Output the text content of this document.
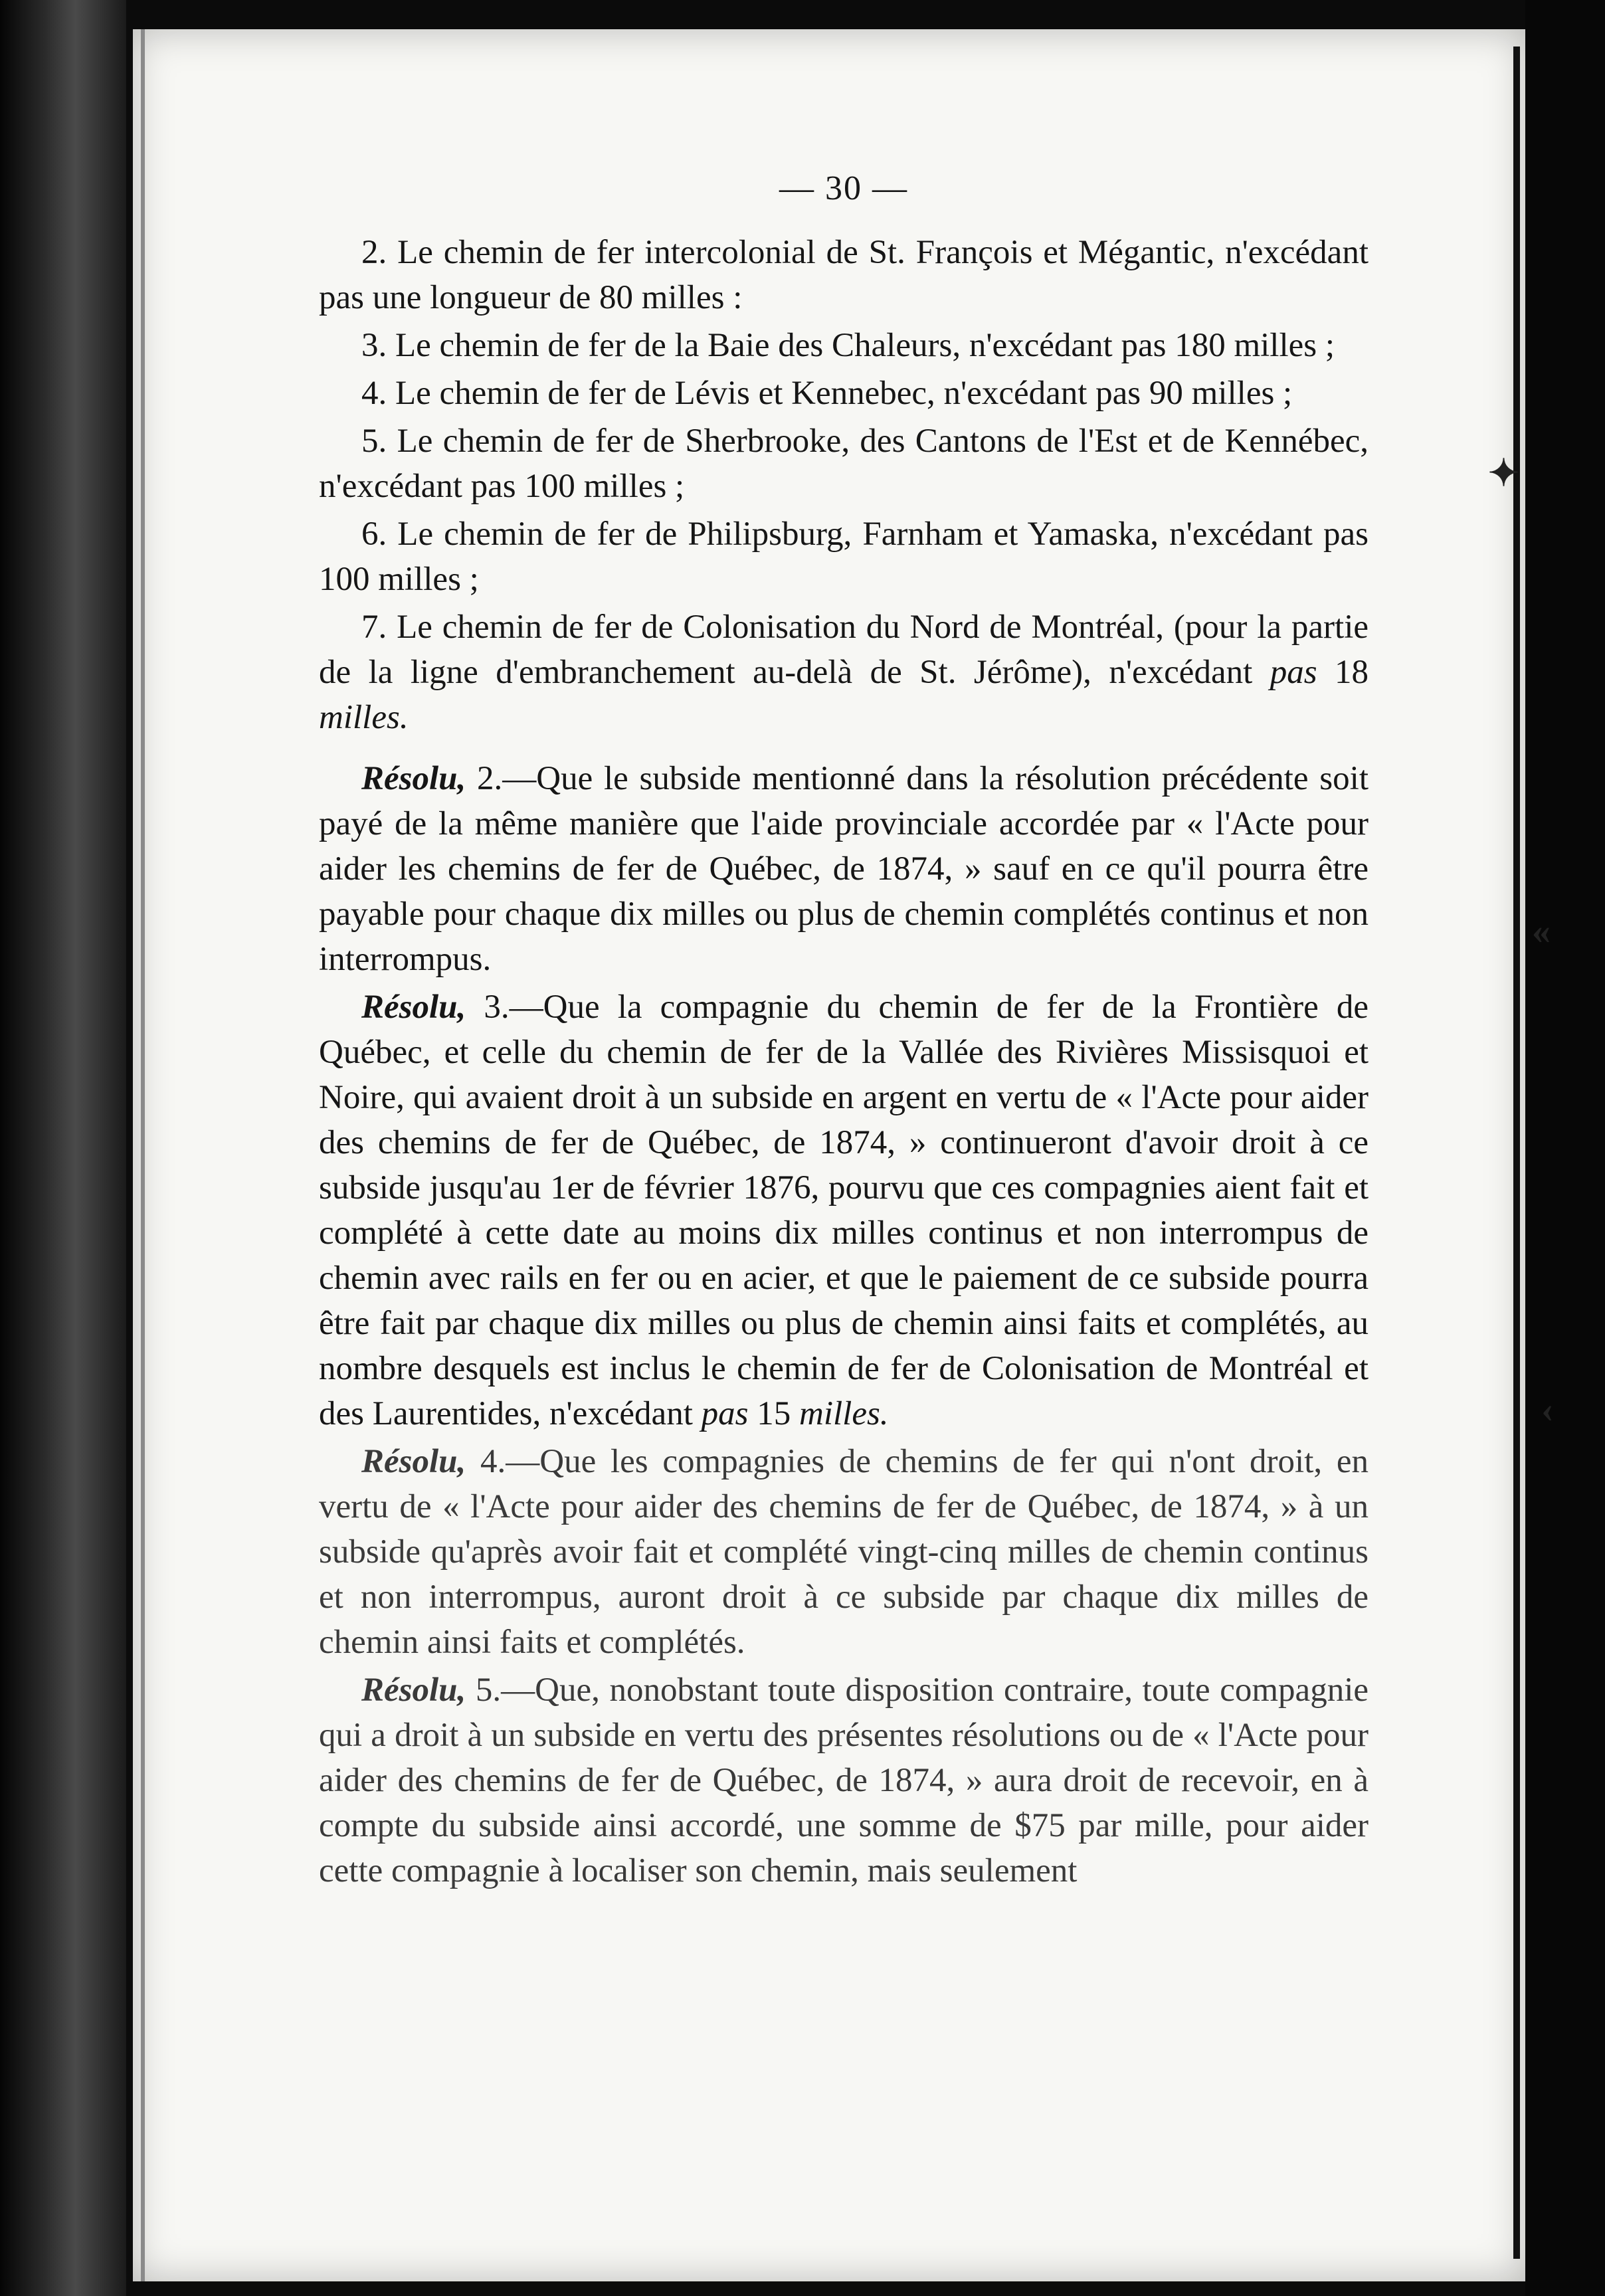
✦
«
‹
— 30 —

2. Le chemin de fer intercolonial de St. François et Mégantic, n'excédant pas une longueur de 80 milles :

3. Le chemin de fer de la Baie des Chaleurs, n'excédant pas 180 milles ;

4. Le chemin de fer de Lévis et Kennebec, n'excédant pas 90 milles ;

5. Le chemin de fer de Sherbrooke, des Cantons de l'Est et de Kennébec, n'excédant pas 100 milles ;

6. Le chemin de fer de Philipsburg, Farnham et Yamaska, n'excédant pas 100 milles ;

7. Le chemin de fer de Colonisation du Nord de Montréal, (pour la partie de la ligne d'embranchement au-delà de St. Jérôme), n'excédant pas 18 milles.

Résolu, 2.—Que le subside mentionné dans la résolution précédente soit payé de la même manière que l'aide provinciale accordée par « l'Acte pour aider les chemins de fer de Québec, de 1874, » sauf en ce qu'il pourra être payable pour chaque dix milles ou plus de chemin complétés continus et non interrompus.

Résolu, 3.—Que la compagnie du chemin de fer de la Frontière de Québec, et celle du chemin de fer de la Vallée des Rivières Missisquoi et Noire, qui avaient droit à un subside en argent en vertu de « l'Acte pour aider des chemins de fer de Québec, de 1874, » continueront d'avoir droit à ce subside jusqu'au 1er de février 1876, pourvu que ces compagnies aient fait et complété à cette date au moins dix milles continus et non interrompus de chemin avec rails en fer ou en acier, et que le paiement de ce subside pourra être fait par chaque dix milles ou plus de chemin ainsi faits et complétés, au nombre desquels est inclus le chemin de fer de Colonisation de Montréal et des Laurentides, n'excédant pas 15 milles.

Résolu, 4.—Que les compagnies de chemins de fer qui n'ont droit, en vertu de « l'Acte pour aider des chemins de fer de Québec, de 1874, » à un subside qu'après avoir fait et complété vingt-cinq milles de chemin continus et non interrompus, auront droit à ce subside par chaque dix milles de chemin ainsi faits et complétés.

Résolu, 5.—Que, nonobstant toute disposition contraire, toute compagnie qui a droit à un subside en vertu des présentes résolutions ou de « l'Acte pour aider des chemins de fer de Québec, de 1874, » aura droit de recevoir, en à compte du subside ainsi accordé, une somme de $75 par mille, pour aider cette compagnie à localiser son chemin, mais seulement
